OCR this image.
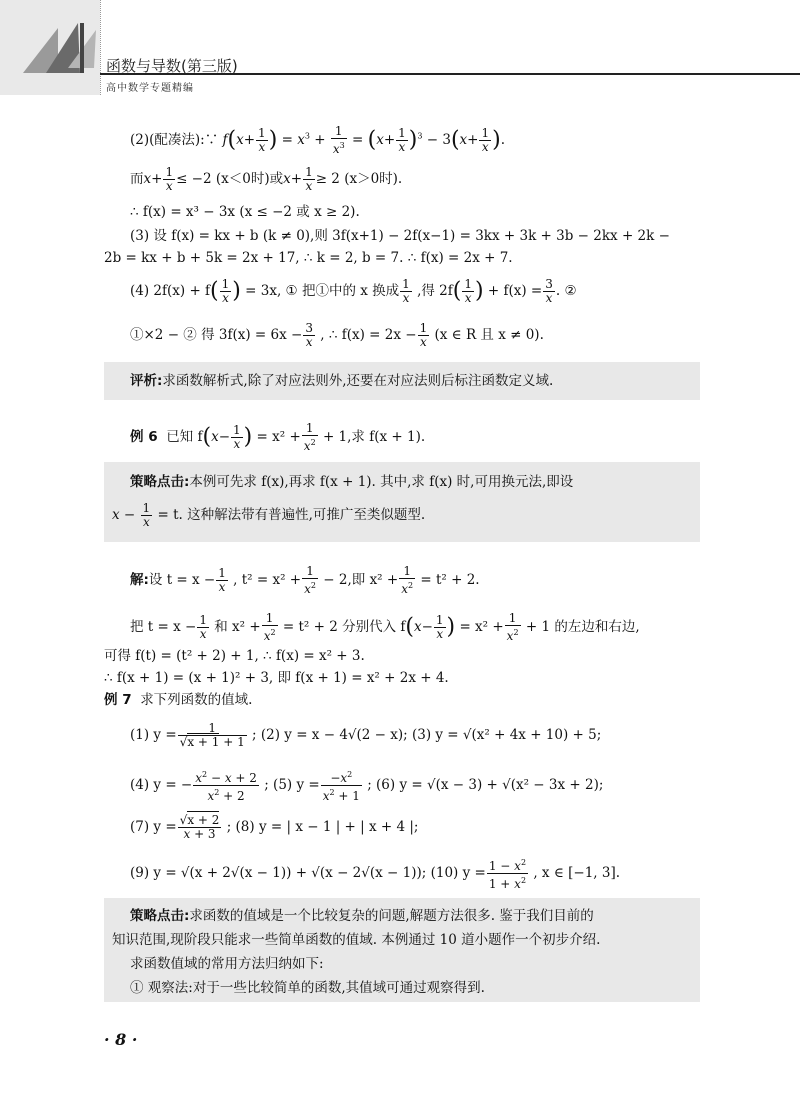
函数与导数(第三版)
高中数学专题精编
(2)(配凑法):∵ $f(x+ \frac{1}{x}$ ) = $x^3 + \frac{1}{x^3} = (x+ \frac{1}{x} )^3 - 3(x+ \frac{1}{x}$ ).
而$x+ \frac{1}{x} \le -2$ (x＜0时)或$x+ \frac{1}{x} \ge 2$ (x＞0时).
∴ f(x) = x³ − 3x (x ≤ −2 或 x ≥ 2).
(3) 设 f(x) = kx + b (k ≠ 0),则 3f(x+1) − 2f(x−1) = 3kx + 3k + 3b − 2kx + 2k −
2b = kx + b + 5k = 2x + 17, ∴ k = 2, b = 7. ∴ f(x) = 2x + 7.
(4) $2f(x) + f( \frac{1}{x}$ ) = 3x, ① 把①中的 x 换成 $\frac{1}{x}$ ,得 $2f( \frac{1}{x}$ ) + $f(x) = \frac{3}{x}$ . ②
①×2 − ② 得 $3f(x) = 6x - \frac{3}{x}$ , ∴ $f(x) = 2x - \frac{1}{x} (x$ ∈ R 且 x ≠ 0).
评析:求函数解析式,除了对应法则外,还要在对应法则后标注函数定义域.
例 6 已知 $f(x- \frac{1}{x}$ ) = $x^2 + \frac{1}{x^2} + 1$,求 f(x + 1).
策略点击:本例可先求 f(x),再求 f(x + 1). 其中,求 f(x) 时,可用换元法,即设
$x - \frac{1}{x} = t$. 这种解法带有普遍性,可推广至类似题型.
解:设 $t = x - \frac{1}{x}$ , $t^2 = x^2 + \frac{1}{x^2} - 2$,即 $x^2 + \frac{1}{x^2} = t^2 + 2$.
把 $t = x - \frac{1}{x}$ 和 $x^2 + \frac{1}{x^2} = t^2 + 2$ 分别代入 $f(x- \frac{1}{x}$ ) = $x^2 + \frac{1}{x^2} + 1$ 的左边和右边,
可得 f(t) = (t² + 2) + 1, ∴ f(x) = x² + 3.
∴ f(x + 1) = (x + 1)² + 3, 即 f(x + 1) = x² + 2x + 4.
例 7 求下列函数的值域.
(1) $y = \frac{1}{√x + 1 + 1}$ ; (2) y = x − 4√(2 − x); (3) y = √(x² + 4x + 10) + 5;
(4) y = − $\frac{x^2 - x + 2}{x^2 + 2}$ ; (5) $y = \frac{-x^2}{x^2 + 1}$ ; (6) y = √(x − 3) + √(x² − 3x + 2);
(7) $y = \frac{√x + 2}{x + 3}$ ; (8) y = | x − 1 | + | x + 4 |;
(9) y = √(x + 2√(x − 1)) + √(x − 2√(x − 1)); (10) $y = \frac{1 - x^2}{1 + x^2}$ , x ∈ [−1, 3].
策略点击:求函数的值域是一个比较复杂的问题,解题方法很多. 鉴于我们目前的
知识范围,现阶段只能求一些简单函数的值域. 本例通过 10 道小题作一个初步介绍.
求函数值域的常用方法归纳如下:
① 观察法:对于一些比较简单的函数,其值域可通过观察得到.
· 8 ·
